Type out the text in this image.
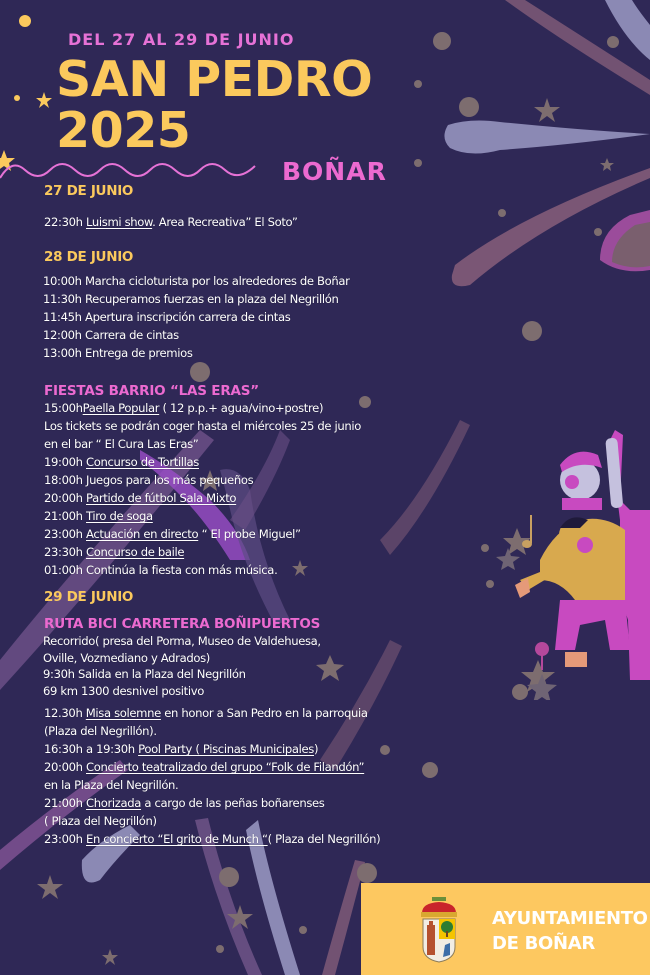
DEL 27 AL 29 DE JUNIO
SAN PEDRO
2025
BOÑAR
27 DE JUNIO
22:30h Luismi show. Area Recreativa” El Soto”
28 DE JUNIO
10:00h Marcha cicloturista por los alrededores de Boñar
11:30h Recuperamos fuerzas en la plaza del Negrillón
11:45h Apertura inscripción carrera de cintas
12:00h Carrera de cintas
13:00h Entrega de premios
FIESTAS BARRIO “LAS ERAS”
15:00hPaella Popular ( 12 p.p.+ agua/vino+postre)
Los tickets se podrán coger hasta el miércoles 25 de junio
en el bar “ El Cura Las Eras”
19:00h Concurso de Tortillas
18:00h Juegos para los más pequeños
20:00h Partido de fútbol Sala Mixto
21:00h Tiro de soga
23:00h Actuación en directo “ El probe Miguel”
23:30h Concurso de baile
01:00h Continúa la fiesta con más música.
29 DE JUNIO
RUTA BICI CARRETERA BOÑIPUERTOS
Recorrido( presa del Porma, Museo de Valdehuesa,
Oville, Vozmediano y Adrados)
9:30h Salida en la Plaza del Negrillón
69 km 1300 desnivel positivo
12.30h Misa solemne en honor a San Pedro en la parroquia
(Plaza del Negrillón).
16:30h a 19:30h Pool Party ( Piscinas Municipales)
20:00h Concierto teatralizado del grupo “Folk de Filandón”
en la Plaza del Negrillón.
21:00h Chorizada a cargo de las peñas boñarenses
( Plaza del Negrillón)
23:00h En concierto “El grito de Munch “( Plaza del Negrillón)
AYUNTAMIENTO
DE BOÑAR
